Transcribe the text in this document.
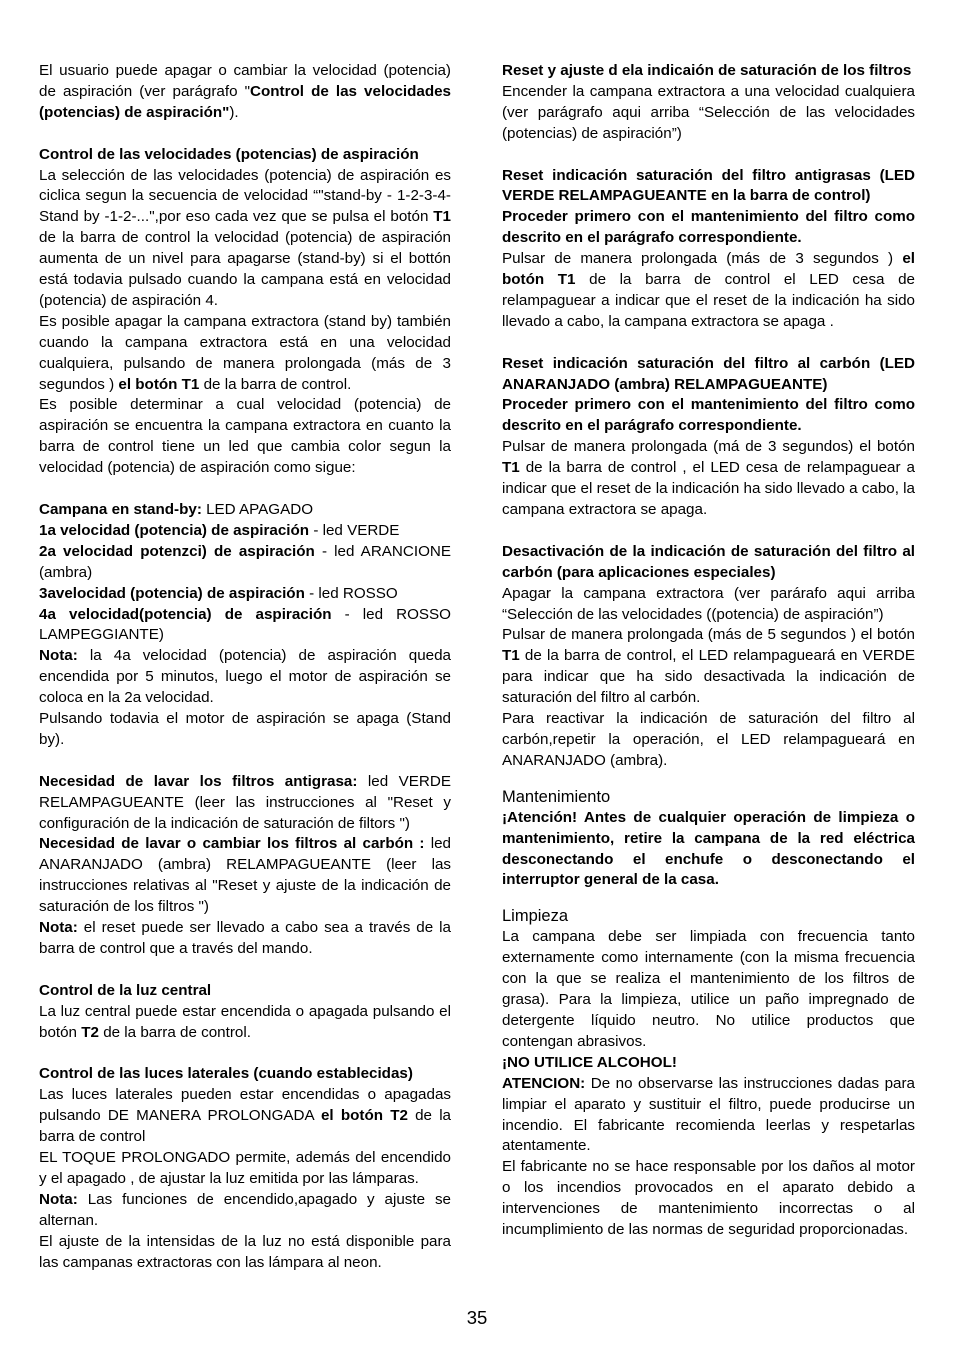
El usuario puede apagar o cambiar la velocidad (potencia) de aspiración (ver parágrafo "Control de las velocidades (potencias) de aspiración").

Control de las velocidades (potencias) de aspiración

La selección de las velocidades (potencia) de aspiración es ciclica segun la secuencia de velocidad “"stand-by - 1-2-3-4-Stand by -1-2-...",por eso cada vez que se pulsa el botón T1 de la barra de control la velocidad (potencia) de aspiración aumenta de un nivel para apagarse (stand-by) si el bottón está todavia pulsado cuando la campana está en velocidad (potencia) de aspiración 4.

Es posible apagar la campana extractora (stand by) también cuando la campana extractora está en una velocidad cualquiera, pulsando de manera prolongada (más de 3 segundos ) el botón T1 de la barra de control.

Es posible determinar a cual velocidad (potencia) de aspiración se encuentra la campana extractora en cuanto la barra de control tiene un led que cambia color segun la velocidad (potencia) de aspiración como sigue:

Campana en stand-by: LED APAGADO

1a velocidad (potencia) de aspiración - led VERDE

2a velocidad potenzci) de aspiración - led ARANCIONE (ambra)

3avelocidad (potencia) de aspiración - led ROSSO

4a velocidad(potencia) de aspiración - led ROSSO LAMPEGGIANTE)

Nota: la 4a velocidad (potencia) de aspiración queda encendida por 5 minutos, luego el motor de aspiración se coloca en la 2a velocidad.

Pulsando todavia el motor de aspiración se apaga (Stand by).

Necesidad de lavar los filtros antigrasa: led VERDE RELAMPAGUEANTE (leer las instrucciones al "Reset y configuración de la indicación de saturación de filtors ")

Necesidad de lavar o cambiar los filtros al carbón : led ANARANJADO (ambra) RELAMPAGUEANTE (leer las instrucciones relativas al "Reset y ajuste de la indicación de saturación de los filtros ")

Nota: el reset puede ser llevado a cabo sea a través de la barra de control que a través del mando.

Control de la luz central

La luz central puede estar encendida o apagada pulsando el botón T2 de la barra de control.

Control de las luces laterales (cuando establecidas)

Las luces laterales pueden estar encendidas o apagadas pulsando DE MANERA PROLONGADA el botón T2 de la barra de control

EL TOQUE PROLONGADO permite, además del encendido y el apagado , de ajustar la luz emitida por las lámparas.

Nota: Las funciones de encendido,apagado y ajuste se alternan.

El ajuste de la intensidas de la luz no está disponible para las campanas extractoras con las lámpara al neon.

Reset y ajuste d ela indicaión de saturación de los filtros

Encender la campana extractora a una velocidad cualquiera (ver parágrafo aqui arriba “Selección de las velocidades (potencias) de aspiración”)

Reset indicación saturación del filtro antigrasas (LED VERDE RELAMPAGUEANTE en la barra de control)

Proceder primero con el mantenimiento del filtro como descrito en el parágrafo correspondiente.

Pulsar de manera prolongada (más de 3 segundos ) el botón T1 de la barra de control el LED cesa de relampaguear a indicar que el reset de la indicación ha sido llevado a cabo, la campana extractora se apaga .

Reset indicación saturación del filtro al carbón (LED ANARANJADO (ambra) RELAMPAGUEANTE)

Proceder primero con el mantenimiento del filtro como descrito en el parágrafo correspondiente.

Pulsar de manera prolongada (má de 3 segundos) el botón T1 de la barra de control , el LED cesa de relampaguear a indicar que el reset de la indicación ha sido llevado a cabo, la campana extractora se apaga.

Desactivación de la indicación de saturación del filtro al carbón (para aplicaciones especiales)

Apagar la campana extractora (ver parárafo aqui arriba “Selección de las velocidades ((potencia) de aspiración”)

Pulsar de manera prolongada (más de 5 segundos ) el botón T1 de la barra de control, el LED relampagueará en VERDE para indicar que ha sido desactivada la indicación de saturación del filtro al carbón.

Para reactivar la indicación de saturación del filtro al carbón,repetir la operación, el LED relampagueará en ANARANJADO (ambra).

Mantenimiento

¡Atención! Antes de cualquier operación de limpieza o mantenimiento, retire la campana de la red eléctrica desconectando el enchufe o desconectando el interruptor general de la casa.

Limpieza

La campana debe ser limpiada con frecuencia tanto externamente como internamente (con la misma frecuencia con la que se realiza el mantenimiento de los filtros de grasa). Para la limpieza, utilice un paño impregnado de detergente líquido neutro. No utilice productos que contengan abrasivos.

¡NO UTILICE ALCOHOL!

ATENCION: De no observarse las instrucciones dadas para limpiar el aparato y sustituir el filtro, puede producirse un incendio. El fabricante recomienda leerlas y respetarlas atentamente.

El fabricante no se hace responsable por los daños al motor o los incendios provocados en el aparato debido a intervenciones de mantenimiento incorrectas o al incumplimiento de las normas de seguridad proporcionadas.

35
